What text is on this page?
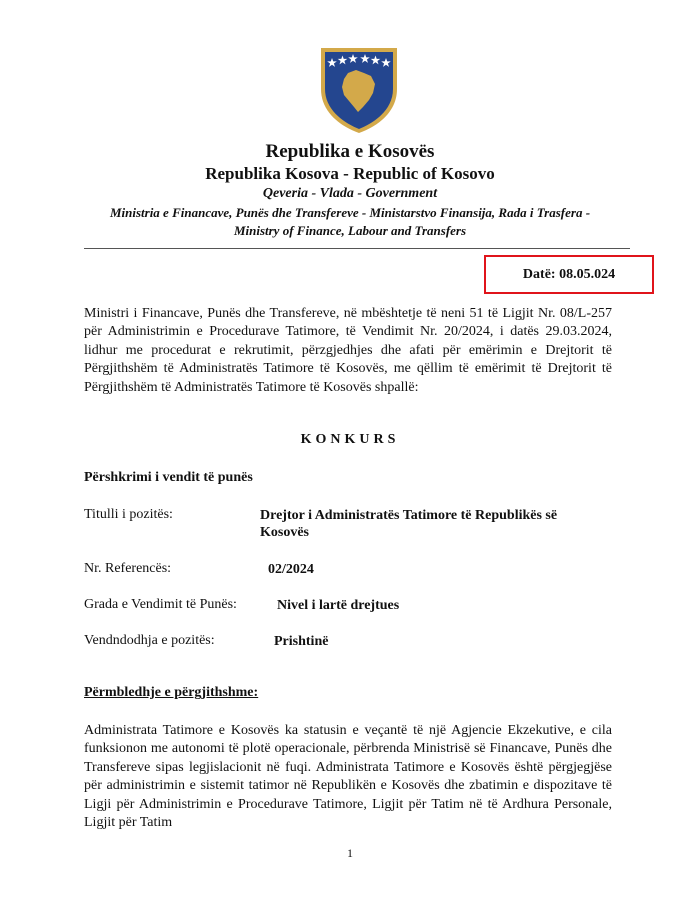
Republika e Kosovës
Republika Kosova - Republic of Kosovo
Qeveria - Vlada - Government
Ministria e Financave, Punës dhe Transfereve - Ministarstvo Finansija, Rada i Trasfera -
Ministry of Finance, Labour and Transfers
Datë: 08.05.024
Ministri i Financave, Punës dhe Transfereve, në mbështetje të neni 51 të Ligjit Nr. 08/L-257 për Administrimin e Procedurave Tatimore, të Vendimit Nr. 20/2024, i datës 29.03.2024, lidhur me procedurat e rekrutimit, përzgjedhjes dhe afati për emërimin e Drejtorit të Përgjithshëm të Administratës Tatimore të Kosovës, me qëllim të emërimit të Drejtorit të Përgjithshëm të Administratës Tatimore të Kosovës shpallë:
KONKURS
Përshkrimi i vendit të punës
Titulli i pozitës:	Drejtor i Administratës Tatimore të Republikës së
Kosovës
Nr. Referencës:	02/2024
Grada e Vendimit të Punës:	Nivel i lartë drejtues
Vendndodhja e pozitës:	Prishtinë
Përmbledhje e përgjithshme:
Administrata Tatimore e Kosovës ka statusin e veçantë të një Agjencie Ekzekutive, e cila funksionon me autonomi të plotë operacionale, përbrenda Ministrisë së Financave, Punës dhe Transfereve sipas legjislacionit në fuqi. Administrata Tatimore e Kosovës është përgjegjëse për administrimin e sistemit tatimor në Republikën e Kosovës dhe zbatimin e dispozitave të Ligji për Administrimin e Procedurave Tatimore, Ligjit për Tatim në të Ardhura Personale, Ligjit për Tatim
1
